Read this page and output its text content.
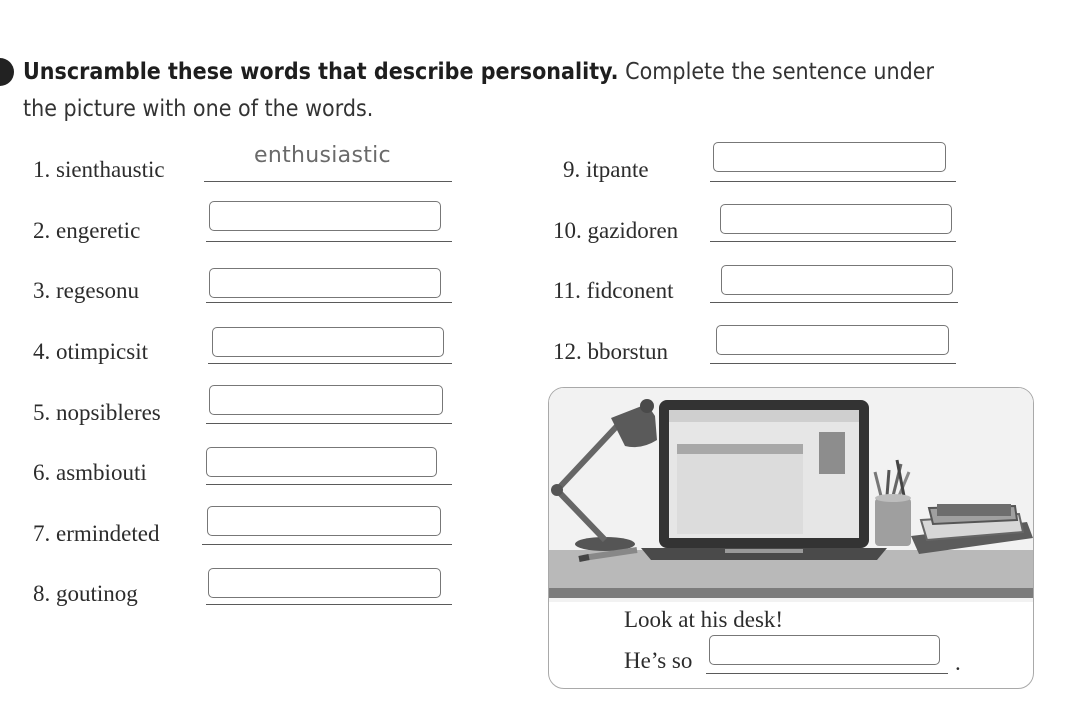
Unscramble these words that describe personality. Complete the sentence under the picture with one of the words.
1. sienthaustic
enthusiastic
2. engeretic
3. regesonu
4. otimpicsit
5. nopsibleres
6. asmbiouti
7. ermindeted
8. goutinog
9. itpante
10. gazidoren
11. fidconent
12. bborstun
Look at his desk!
He’s so	.
